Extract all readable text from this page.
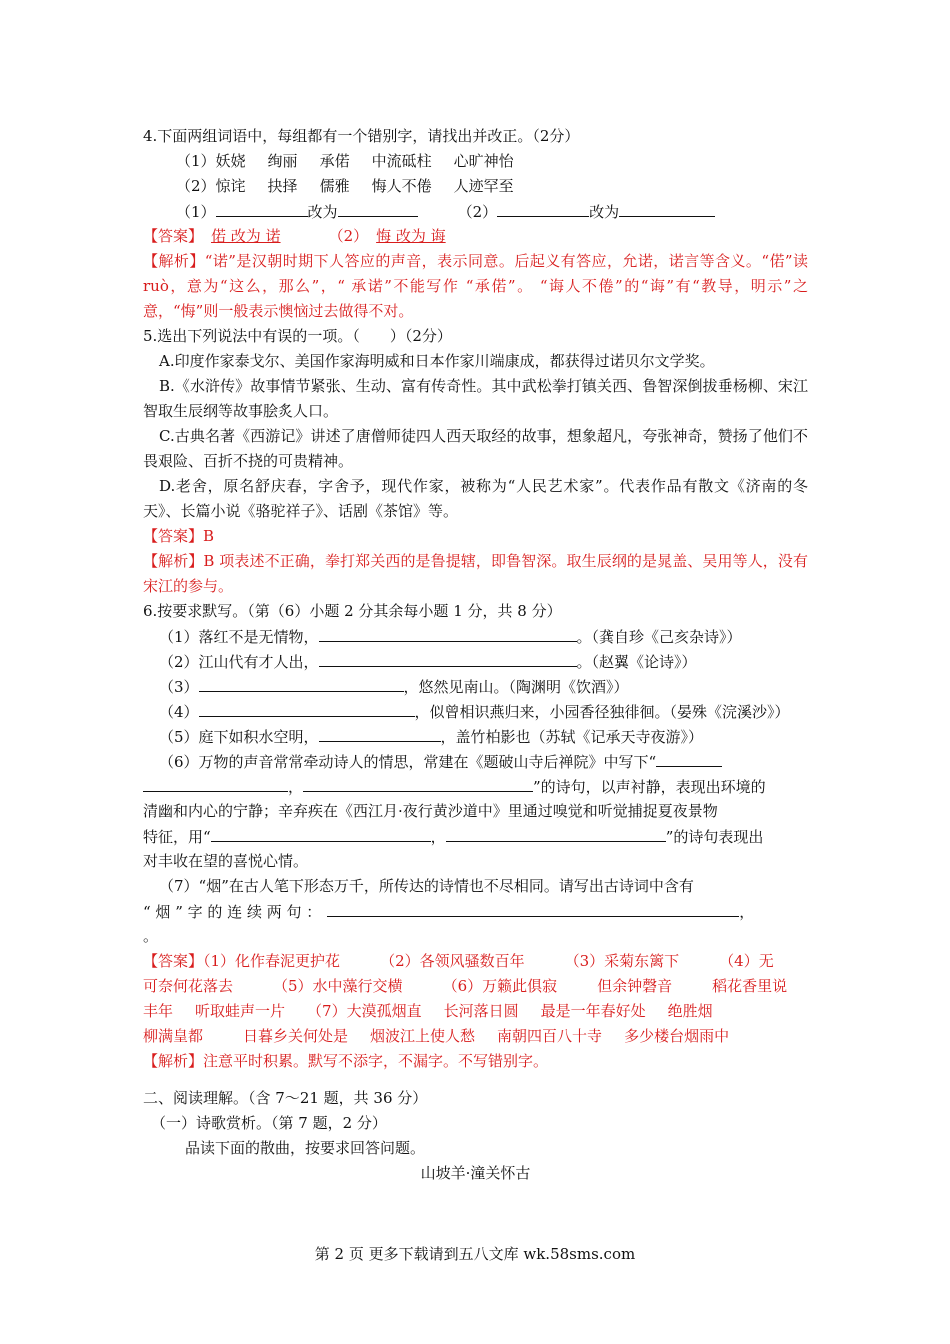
4.下面两组词语中，每组都有一个错别字，请找出并改正。（2分）
（1）妖娆 绚丽 承偌 中流砥柱 心旷神怡
（2）惊诧 抉择 儒雅 悔人不倦 人迹罕至
（1）	改为	（2）	改为
【答案】 偌 改为 诺	（2） 悔 改为 诲
【解析】“诺”是汉朝时期下人答应的声音，表示同意。后起义有答应，允诺，诺言等含义。“偌”读 ruò，意为“这么，那么”，“ 承诺”不能写作 “承偌”。 “诲人不倦”的“诲”有“教导，明示”之意，“悔”则一般表示懊恼过去做得不对。
5.选出下列说法中有误的一项。（　　）（2分）
A.印度作家泰戈尔、美国作家海明威和日本作家川端康成，都获得过诺贝尔文学奖。
B.《水浒传》故事情节紧张、生动、富有传奇性。其中武松拳打镇关西、鲁智深倒拔垂杨柳、宋江智取生辰纲等故事脍炙人口。
C.古典名著《西游记》讲述了唐僧师徒四人西天取经的故事，想象超凡，夸张神奇，赞扬了他们不畏艰险、百折不挠的可贵精神。
D.老舍，原名舒庆春，字舍予，现代作家，被称为“人民艺术家”。代表作品有散文《济南的冬天》、长篇小说《骆驼祥子》、话剧《茶馆》等。
【答案】B
【解析】B 项表述不正确，拳打郑关西的是鲁提辖，即鲁智深。取生辰纲的是晁盖、吴用等人，没有宋江的参与。
6.按要求默写。（第（6）小题 2 分其余每小题 1 分，共 8 分）
（1）落红不是无情物，	。（龚自珍《己亥杂诗》）
（2）江山代有才人出，	。（赵翼《论诗》）
（3）	，悠然见南山。（陶渊明《饮酒》）
（4）	，似曾相识燕归来，小园香径独徘徊。（晏殊《浣溪沙》）
（5）庭下如积水空明，	，盖竹柏影也（苏轼《记承天寺夜游》）
（6）万物的声音常常牵动诗人的情思，常建在《题破山寺后禅院》中写下“
，	”的诗句，以声衬静，表现出环境的
清幽和内心的宁静；辛弃疾在《西江月·夜行黄沙道中》里通过嗅觉和听觉捕捉夏夜景物
特征，用“	，	”的诗句表现出
对丰收在望的喜悦心情。
（7）“烟”在古人笔下形态万千，所传达的诗情也不尽相同。请写出古诗词中含有
“ 烟 ” 字 的 连 续 两 句 ：	，
。
【答案】（1）化作春泥更护花	（2）各领风骚数百年	（3）采菊东篱下	（4）无
可奈何花落去	（5）水中藻行交横	（6）万籁此俱寂	但余钟磬音	稻花香里说
丰年 听取蛙声一片 （7）大漠孤烟直 长河落日圆 最是一年春好处 绝胜烟
柳满皇都	日暮乡关何处是 烟波江上使人愁 南朝四百八十寺 多少楼台烟雨中
【解析】注意平时积累。默写不添字，不漏字。不写错别字。
二、阅读理解。（含 7～21 题，共 36 分）
（一）诗歌赏析。（第 7 题，2 分）
品读下面的散曲，按要求回答问题。
山坡羊·潼关怀古
第 2 页 更多下载请到五八文库 wk.58sms.com
